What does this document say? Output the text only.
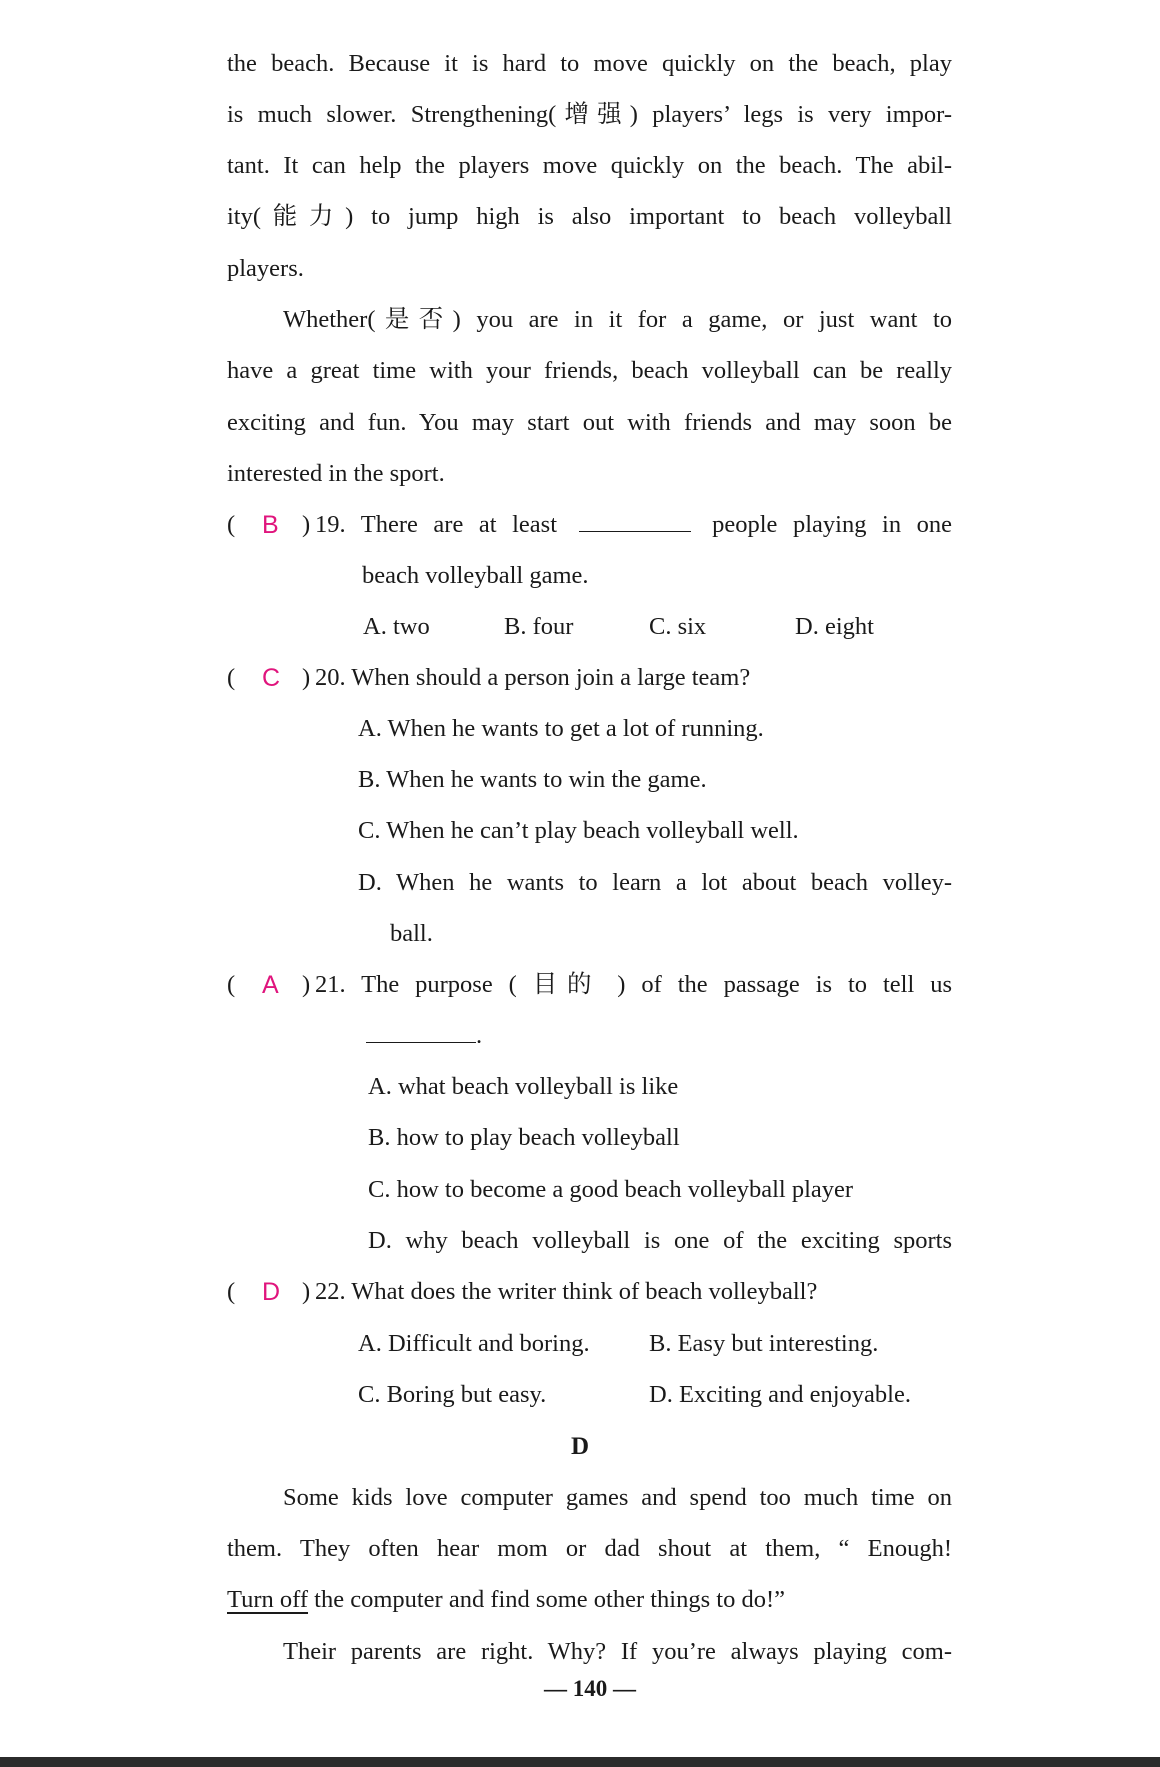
the beach. Because it is hard to move quickly on the beach, play
is much slower. Strengthening(增强) players’ legs is very impor-
tant. It can help the players move quickly on the beach. The abil-
ity(能力) to jump high is also important to beach volleyball
players.
Whether(是否) you are in it for a game, or just want to
have a great time with your friends, beach volleyball can be really
exciting and fun. You may start out with friends and may soon be
interested in the sport.
( B ) 19. There are at least	people playing in one
beach volleyball game.
A. two	B. four	C. six	D. eight
( C ) 20. When should a person join a large team?
A. When he wants to get a lot of running.
B. When he wants to win the game.
C. When he can’t play beach volleyball well.
D. When he wants to learn a lot about beach volley-
ball.
( A ) 21. The purpose ( 目的 ) of the passage is to tell us
.
A. what beach volleyball is like
B. how to play beach volleyball
C. how to become a good beach volleyball player
D. why beach volleyball is one of the exciting sports
( D ) 22. What does the writer think of beach volleyball?
A. Difficult and boring. B. Easy but interesting.
C. Boring but easy.	D. Exciting and enjoyable.
D
Some kids love computer games and spend too much time on
them. They often hear mom or dad shout at them, “ Enough!
Turn off the computer and find some other things to do!”
Their parents are right. Why? If you’re always playing com-
— 140 —
